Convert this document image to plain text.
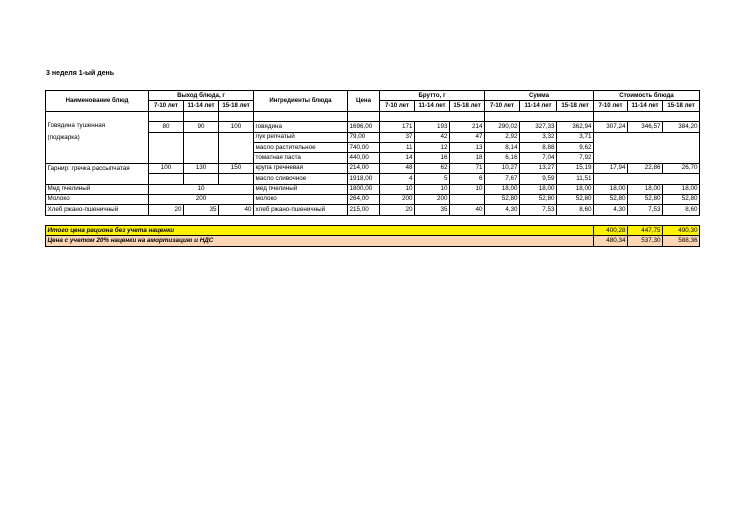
3 неделя 1-ый день
Наименование блюд	Выход блюда, г			Ингредиенты блюда	Цена	Брутто, г			Сумма			Стоимость блюда		
	7-10 лет	11-14 лет	15-18 лет			7-10 лет	11-14 лет	15-18 лет	7-10 лет	11-14 лет	15-18 лет	7-10 лет	11-14 лет	15-18 лет

Говядина тушенная

(поджарка)	80	90	100	говядина	1696,00	171	193	214	290,02	327,33	362,94	307,24	346,57	384,20
				лук репчатый	79,00	37	42	47	2,92	3,32	3,71			
				масло растительное	740,00	11	12	13	8,14	8,88	9,62			
				томатная паста	440,00	14	16	18	6,16	7,04	7,92			
Гарнир: гречка рассыпчатая	100	130	150	крупа гречневая	214,00	48	62	71	10,27	13,27	15,19	17,94	22,86	26,70
				масло сливочное	1918,00	4	5	6	7,67	9,59	11,51			
Мед пчелиный	10			мед пчелиный	1800,00	10	10	10	18,00	18,00	18,00	18,00	18,00	18,00
Молоко	200			молоко	264,00	200	200		52,80	52,80	52,80	52,80	52,80	52,80
Хлеб ржано-пшеничный	20	35	40	хлеб ржано-пшеничный	215,00	20	35	40	4,30	7,53	8,60	4,30	7,53	8,60

Итого цена рациона без учета наценки												400,28	447,75	490,30
Цена с учетом 20% наценки на амортизацию и НДС												480,34	537,30	588,36
